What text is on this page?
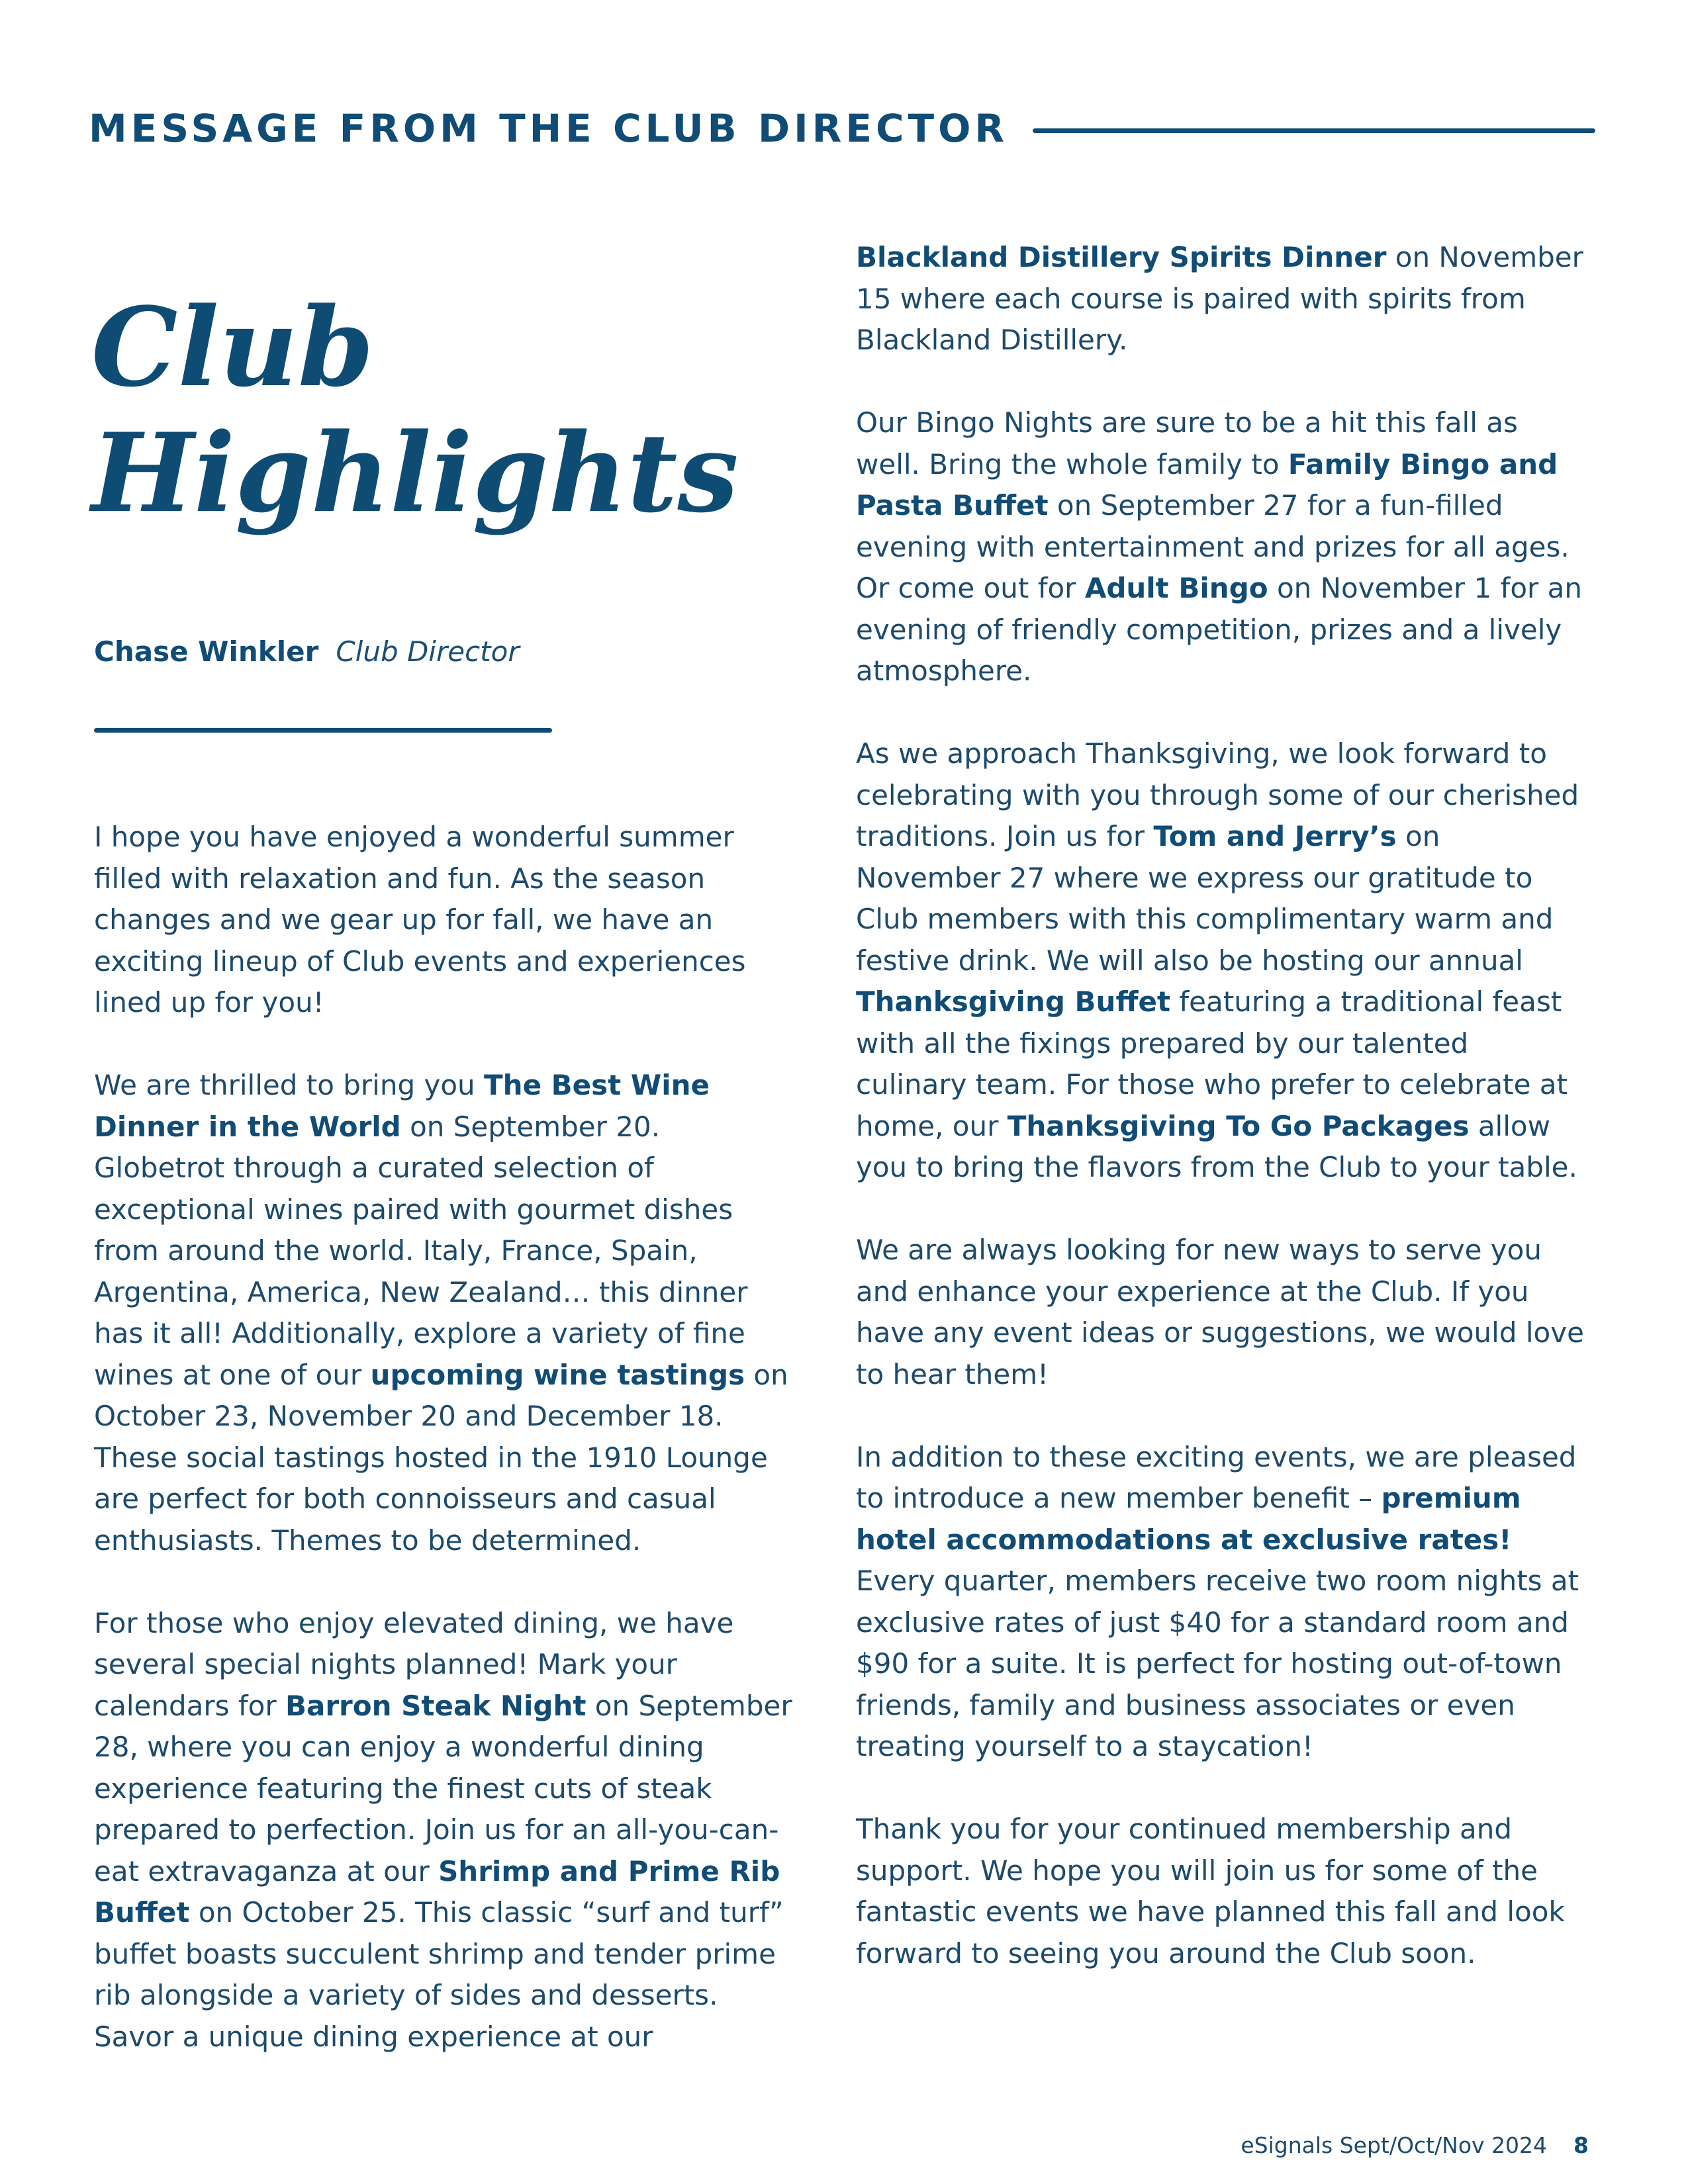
MESSAGE FROM THE CLUB DIRECTOR
Club
Highlights
Chase Winkler Club Director

I hope you have enjoyed a wonderful summer filled with relaxation and fun. As the season changes and we gear up for fall, we have an exciting lineup of Club events and experiences lined up for you!

We are thrilled to bring you The Best Wine Dinner in the World on September 20. Globetrot through a curated selection of exceptional wines paired with gourmet dishes from around the world. Italy, France, Spain, Argentina, America, New Zealand… this dinner has it all! Additionally, explore a variety of fine wines at one of our upcoming wine tastings on October 23, November 20 and December 18. These social tastings hosted in the 1910 Lounge are perfect for both connoisseurs and casual enthusiasts. Themes to be determined.

For those who enjoy elevated dining, we have several special nights planned! Mark your calendars for Barron Steak Night on September 28, where you can enjoy a wonderful dining experience featuring the finest cuts of steak prepared to perfection. Join us for an all-you-can-eat extravaganza at our Shrimp and Prime Rib Buffet on October 25. This classic “surf and turf” buffet boasts succulent shrimp and tender prime rib alongside a variety of sides and desserts. Savor a unique dining experience at our

Blackland Distillery Spirits Dinner on November 15 where each course is paired with spirits from Blackland Distillery.

Our Bingo Nights are sure to be a hit this fall as well. Bring the whole family to Family Bingo and Pasta Buffet on September 27 for a fun-filled evening with entertainment and prizes for all ages. Or come out for Adult Bingo on November 1 for an evening of friendly competition, prizes and a lively atmosphere.

As we approach Thanksgiving, we look forward to celebrating with you through some of our cherished traditions. Join us for Tom and Jerry’s on November 27 where we express our gratitude to Club members with this complimentary warm and festive drink. We will also be hosting our annual Thanksgiving Buffet featuring a traditional feast with all the fixings prepared by our talented culinary team. For those who prefer to celebrate at home, our Thanksgiving To Go Packages allow you to bring the flavors from the Club to your table.

We are always looking for new ways to serve you and enhance your experience at the Club. If you have any event ideas or suggestions, we would love to hear them!

In addition to these exciting events, we are pleased to introduce a new member benefit – premium hotel accommodations at exclusive rates! Every quarter, members receive two room nights at exclusive rates of just $40 for a standard room and $90 for a suite. It is perfect for hosting out-of-town friends, family and business associates or even treating yourself to a staycation!

Thank you for your continued membership and support. We hope you will join us for some of the fantastic events we have planned this fall and look forward to seeing you around the Club soon.

eSignals Sept/Oct/Nov 2024 8
